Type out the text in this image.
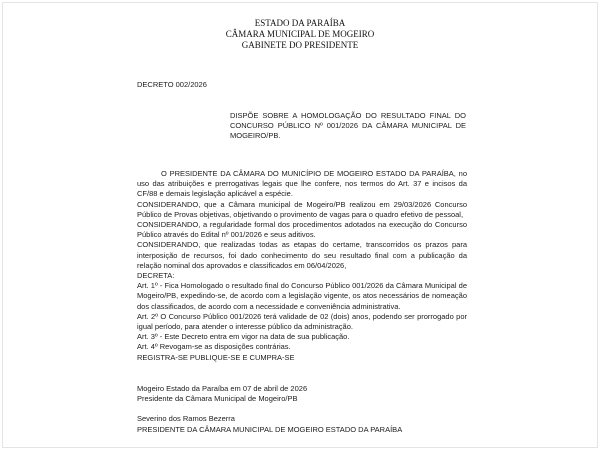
ESTADO DA PARAÍBA
CÂMARA MUNICIPAL DE MOGEIRO
GABINETE DO PRESIDENTE
DECRETO 002/2026
DISPÕE SOBRE A HOMOLOGAÇÃO DO RESULTADO FINAL DO CONCURSO PÚBLICO Nº 001/2026 DA CÂMARA MUNICIPAL DE MOGEIRO/PB.

O PRESIDENTE DA CÂMARA DO MUNICÍPIO DE MOGEIRO ESTADO DA PARAÍBA, no uso das atribuições e prerrogativas legais que lhe confere, nos termos do Art. 37 e incisos da CF/88 e demais legislação aplicável a espécie.

CONSIDERANDO, que a Câmara municipal de Mogeiro/PB realizou em 29/03/2026 Concurso Público de Provas objetivas, objetivando o provimento de vagas para o quadro efetivo de pessoal,

CONSIDERANDO, a regularidade formal dos procedimentos adotados na execução do Concurso Público através do Edital nº 001/2026 e seus aditivos.

CONSIDERANDO, que realizadas todas as etapas do certame, transcorridos os prazos para interposição de recursos, foi dado conhecimento do seu resultado final com a publicação da relação nominal dos aprovados e classificados em 06/04/2026,

DECRETA:

Art. 1º - Fica Homologado o resultado final do Concurso Público 001/2026 da Câmara Municipal de Mogeiro/PB, expedindo-se, de acordo com a legislação vigente, os atos necessários de nomeação dos classificados, de acordo com a necessidade e conveniência administrativa.

Art. 2º O Concurso Público 001/2026 terá validade de 02 (dois) anos, podendo ser prorrogado por igual período, para atender o interesse público da administração.

Art. 3º - Este Decreto entra em vigor na data de sua publicação.

Art. 4º Revogam-se as disposições contrárias.

REGISTRA-SE PUBLIQUE-SE E CUMPRA-SE

Mogeiro Estado da Paraíba em 07 de abril de 2026
Presidente da Câmara Municipal de Mogeiro/PB
Severino dos Ramos Bezerra
PRESIDENTE DA CÂMARA MUNICIPAL DE MOGEIRO ESTADO DA PARAÍBA
